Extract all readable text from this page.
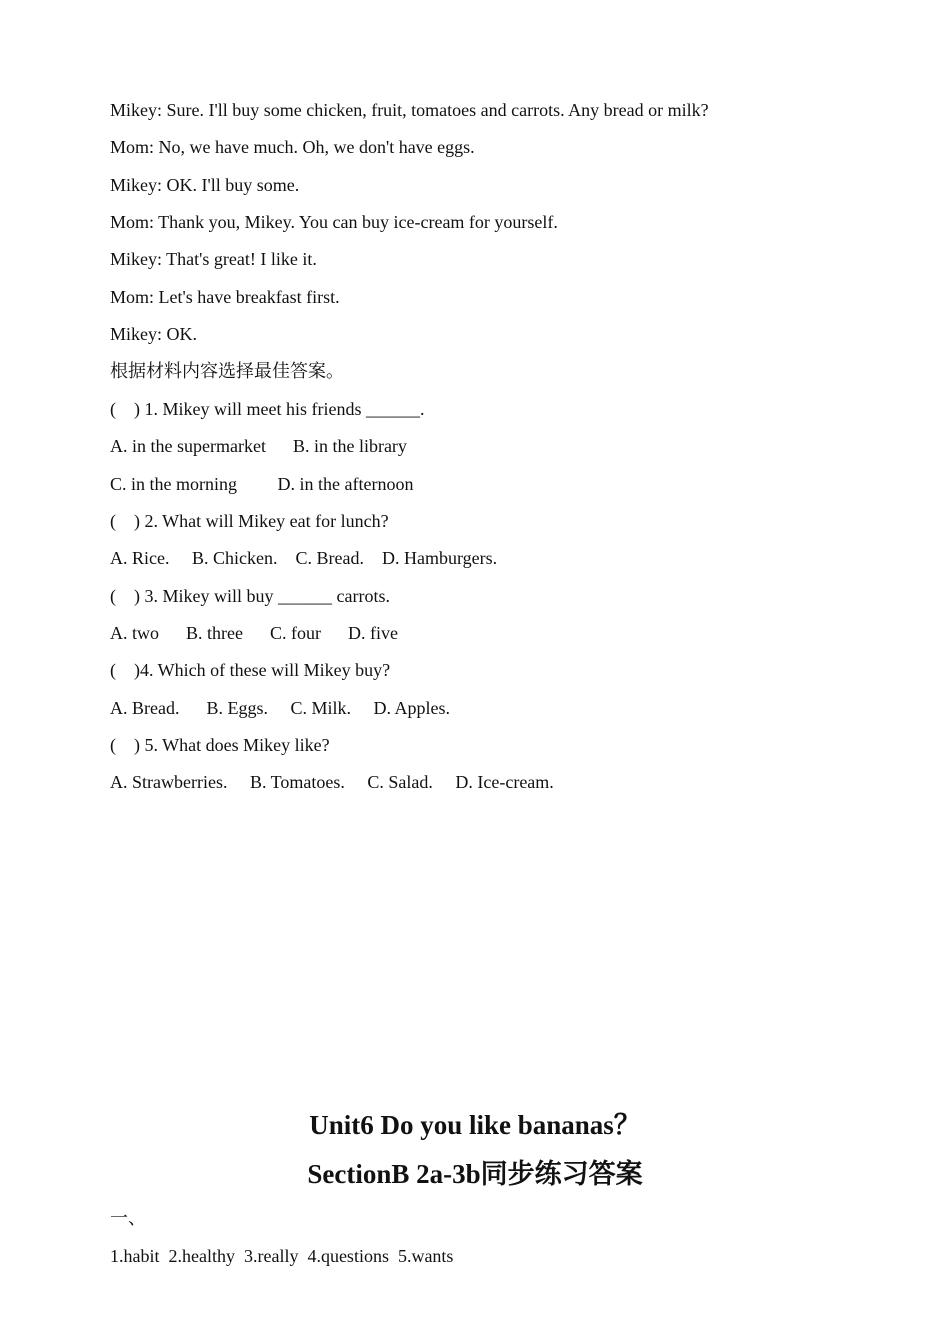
Mikey: Sure. I'll buy some chicken, fruit, tomatoes and carrots. Any bread or milk?
Mom: No, we have much. Oh, we don't have eggs.
Mikey: OK. I'll buy some.
Mom: Thank you, Mikey. You can buy ice-cream for yourself.
Mikey: That's great! I like it.
Mom: Let's have breakfast first.
Mikey: OK.
根据材料内容选择最佳答案。
(    ) 1. Mikey will meet his friends ______.
A. in the supermarket      B. in the library
C. in the morning         D. in the afternoon
(    ) 2. What will Mikey eat for lunch?
A. Rice.     B. Chicken.    C. Bread.    D. Hamburgers.
(    ) 3. Mikey will buy ______ carrots.
A. two      B. three      C. four      D. five
(    )4. Which of these will Mikey buy?
A. Bread.      B. Eggs.     C. Milk.     D. Apples.
(    ) 5. What does Mikey like?
A. Strawberries.     B. Tomatoes.     C. Salad.     D. Ice-cream.
Unit6 Do you like bananas？
SectionB 2a-3b同步练习答案
一、
1.habit  2.healthy  3.really  4.questions  5.wants
